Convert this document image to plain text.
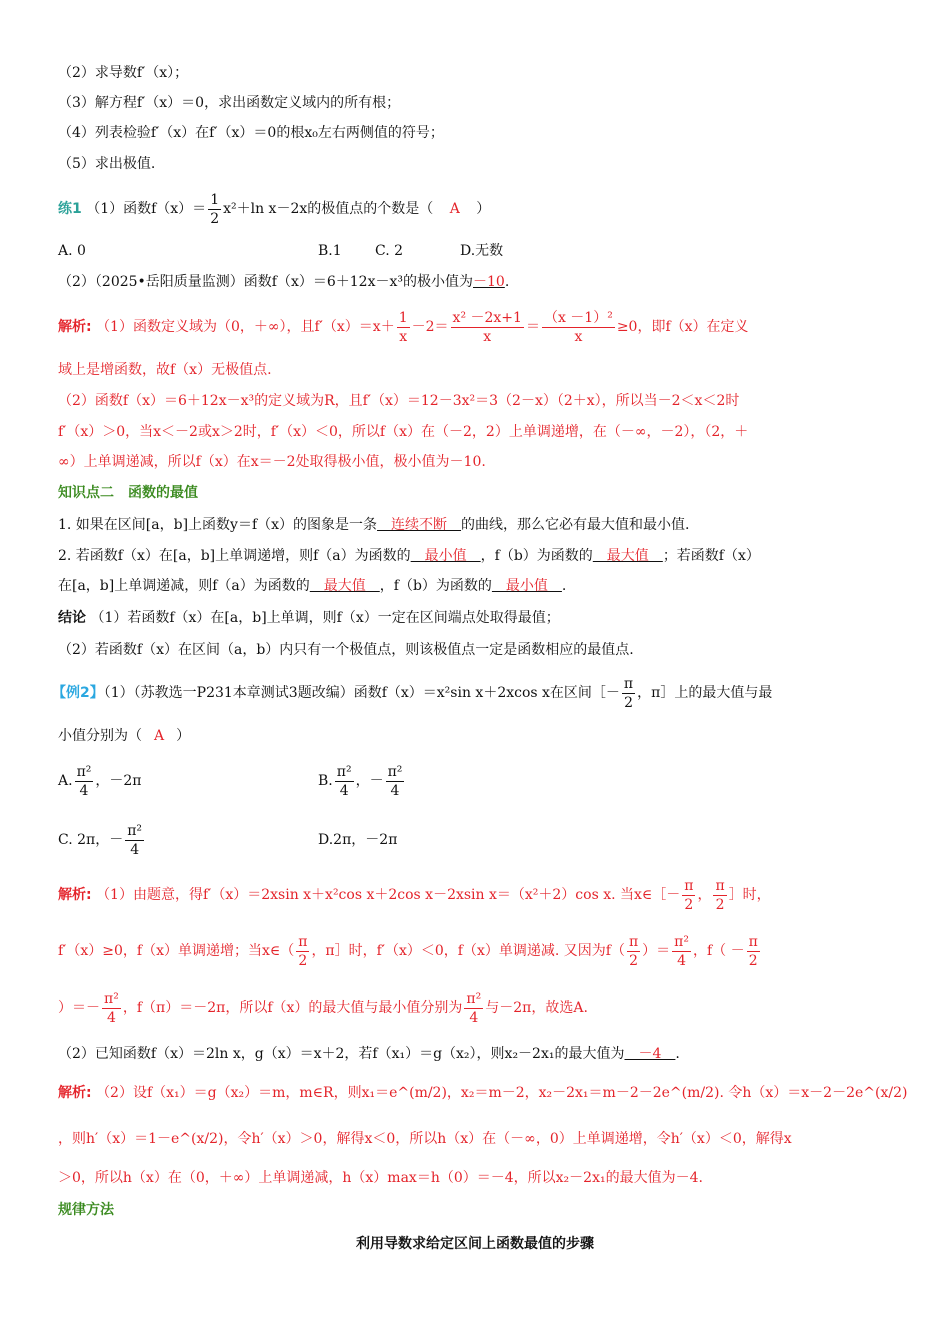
（2）求导数f′（x）；
（3）解方程f′（x）＝0，求出函数定义域内的所有根；
（4）列表检验f′（x）在f′（x）＝0的根x₀左右两侧值的符号；
（5）求出极值.
练1 （1）函数$f(x)= \frac{1}{2} x^2+\ln$ x－2x的极值点的个数是（ A ）
A. 0	B.1 C. 2	D.无数
（2）（2025•岳阳质量监测）函数f（x）＝6＋12x－x³的极小值为－10.
解析: （1）函数定义域为（0，＋∞），且$f'(x)=x+ \frac{1}{x} -2= \frac{\text{x² －2x+1}}{x} = \frac{\text{（x －1）²}}{x} \ge 0$，即f（x）在定义
域上是增函数，故f（x）无极值点.
（2）函数f（x）＝6＋12x－x³的定义域为R，且f′（x）＝12－3x²＝3（2－x）（2＋x），所以当－2＜x＜2时
f′（x）＞0，当x＜－2或x＞2时，f′（x）＜0，所以f（x）在（－2，2）上单调递增，在（－∞，－2），（2，＋
∞）上单调递减，所以f（x）在x＝－2处取得极小值，极小值为－10.
知识点二　函数的最值
1. 如果在区间[a，b]上函数y＝f（x）的图象是一条　连续不断　的曲线，那么它必有最大值和最小值.
2. 若函数f（x）在[a，b]上单调递增，则f（a）为函数的　最小值　，f（b）为函数的　最大值　；若函数f（x）
在[a，b]上单调递减，则f（a）为函数的　最大值　，f（b）为函数的　最小值　.
结论 （1）若函数f（x）在[a，b]上单调，则f（x）一定在区间端点处取得最值；
（2）若函数f（x）在区间（a，b）内只有一个极值点，则该极值点一定是函数相应的最值点.
【例2】（1）（苏教选一P231本章测试3题改编）函数f（x）＝x²sin x＋2xcos x在区间［－ $\frac{\pi}{2}$ ，π］上的最大值与最
小值分别为（ A ）
A. $\frac{\text{π²}}{4}$ ，－2π	B. $\frac{\text{π²}}{4}$ ，－ $\frac{\text{π²}}{4}$
C. 2π，－ $\frac{\text{π²}}{4}$	D.2π，－2π
解析: （1）由题意，得f′（x）＝2xsin x＋x²cos x＋2cos x－2xsin x＝（x²＋2）cos x. 当x∈［－ $\frac{\pi}{2}$ ， $\frac{\pi}{2}$ ］时，
f′（x）≥0，f（x）单调递增；当x∈（ $\frac{\pi}{2}$ ，π］时，f′（x）＜0，f（x）单调递减. 又因为$f( \frac{\pi}{2}$ ）＝ $\frac{\text{π²}}{4}$ ，$f( - \frac{\pi}{2}$
）＝－ $\frac{\text{π²}}{4}$ ，f（π）＝－2π，所以f（x）的最大值与最小值分别为 $\frac{\text{π²}}{4}$ 与－2π，故选A.
（2）已知函数f（x）＝2ln x，g（x）＝x＋2，若f（x₁）＝g（x₂），则x₂－2x₁的最大值为　－4　.
解析: （2）设f（x₁）＝g（x₂）＝m，m∈R，则x₁＝e^(m/2)，x₂＝m－2，x₂－2x₁＝m－2－2e^(m/2). 令h（x）＝x－2－2e^(x/2)
，则h′（x）＝1－e^(x/2)，令h′（x）＞0，解得x＜0，所以h（x）在（－∞，0）上单调递增，令h′（x）＜0，解得x
＞0，所以h（x）在（0，＋∞）上单调递减，h（x）max＝h（0）＝－4，所以x₂－2x₁的最大值为－4.
规律方法
利用导数求给定区间上函数最值的步骤
